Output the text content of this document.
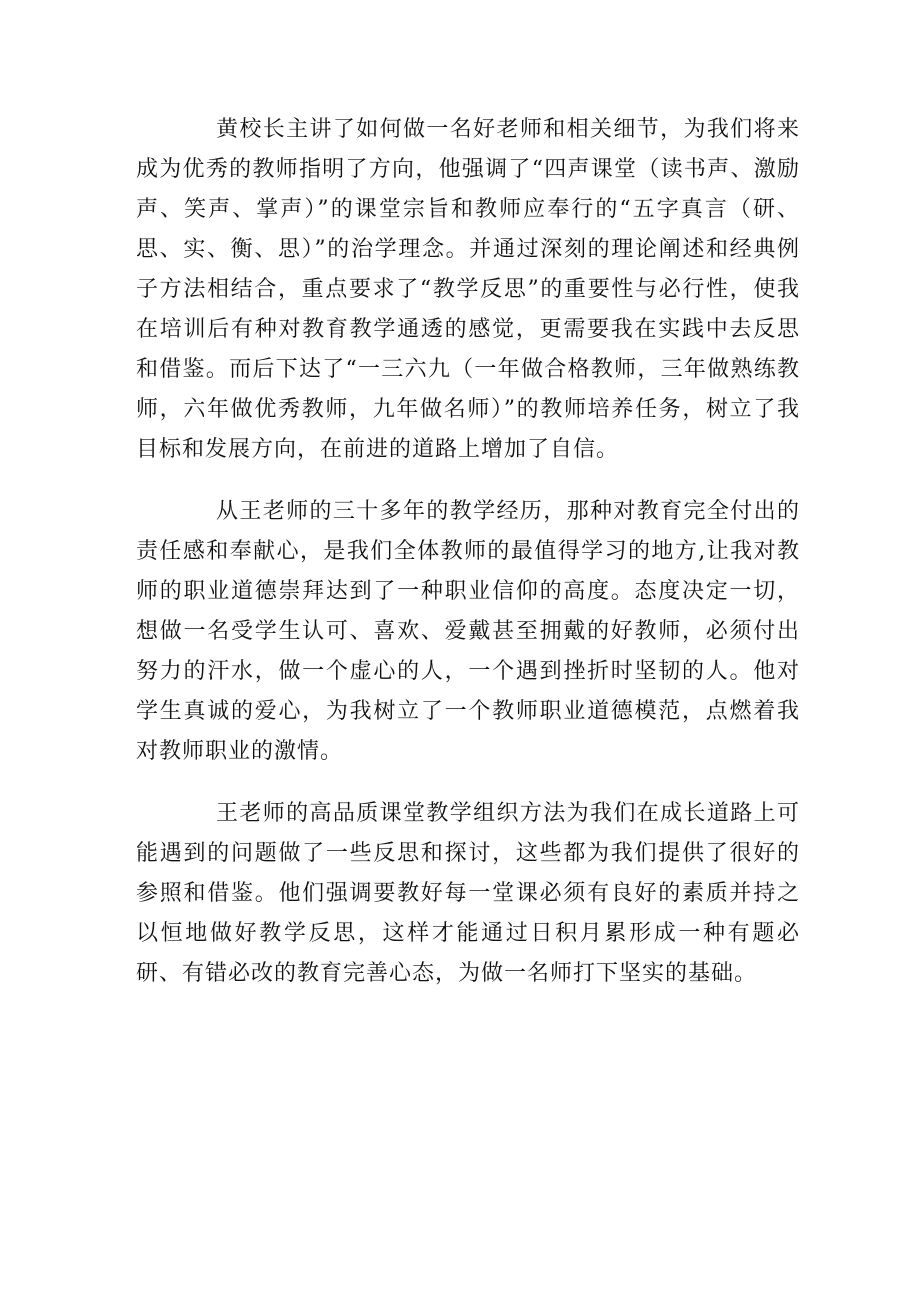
黄校长主讲了如何做一名好老师和相关细节，为我们将来成为优秀的教师指明了方向，他强调了“四声课堂（读书声、激励声、笑声、掌声）”的课堂宗旨和教师应奉行的“五字真言（研、思、实、衡、思）”的治学理念。并通过深刻的理论阐述和经典例子方法相结合，重点要求了“教学反思”的重要性与必行性，使我在培训后有种对教育教学通透的感觉，更需要我在实践中去反思和借鉴。而后下达了“一三六九（一年做合格教师，三年做熟练教师，六年做优秀教师，九年做名师）”的教师培养任务，树立了我目标和发展方向，在前进的道路上增加了自信。

从王老师的三十多年的教学经历，那种对教育完全付出的责任感和奉献心，是我们全体教师的最值得学习的地方,让我对教师的职业道德崇拜达到了一种职业信仰的高度。态度决定一切，想做一名受学生认可、喜欢、爱戴甚至拥戴的好教师，必须付出努力的汗水，做一个虚心的人，一个遇到挫折时坚韧的人。他对学生真诚的爱心，为我树立了一个教师职业道德模范，点燃着我对教师职业的激情。

王老师的高品质课堂教学组织方法为我们在成长道路上可能遇到的问题做了一些反思和探讨，这些都为我们提供了很好的参照和借鉴。他们强调要教好每一堂课必须有良好的素质并持之以恒地做好教学反思，这样才能通过日积月累形成一种有题必研、有错必改的教育完善心态，为做一名师打下坚实的基础。
